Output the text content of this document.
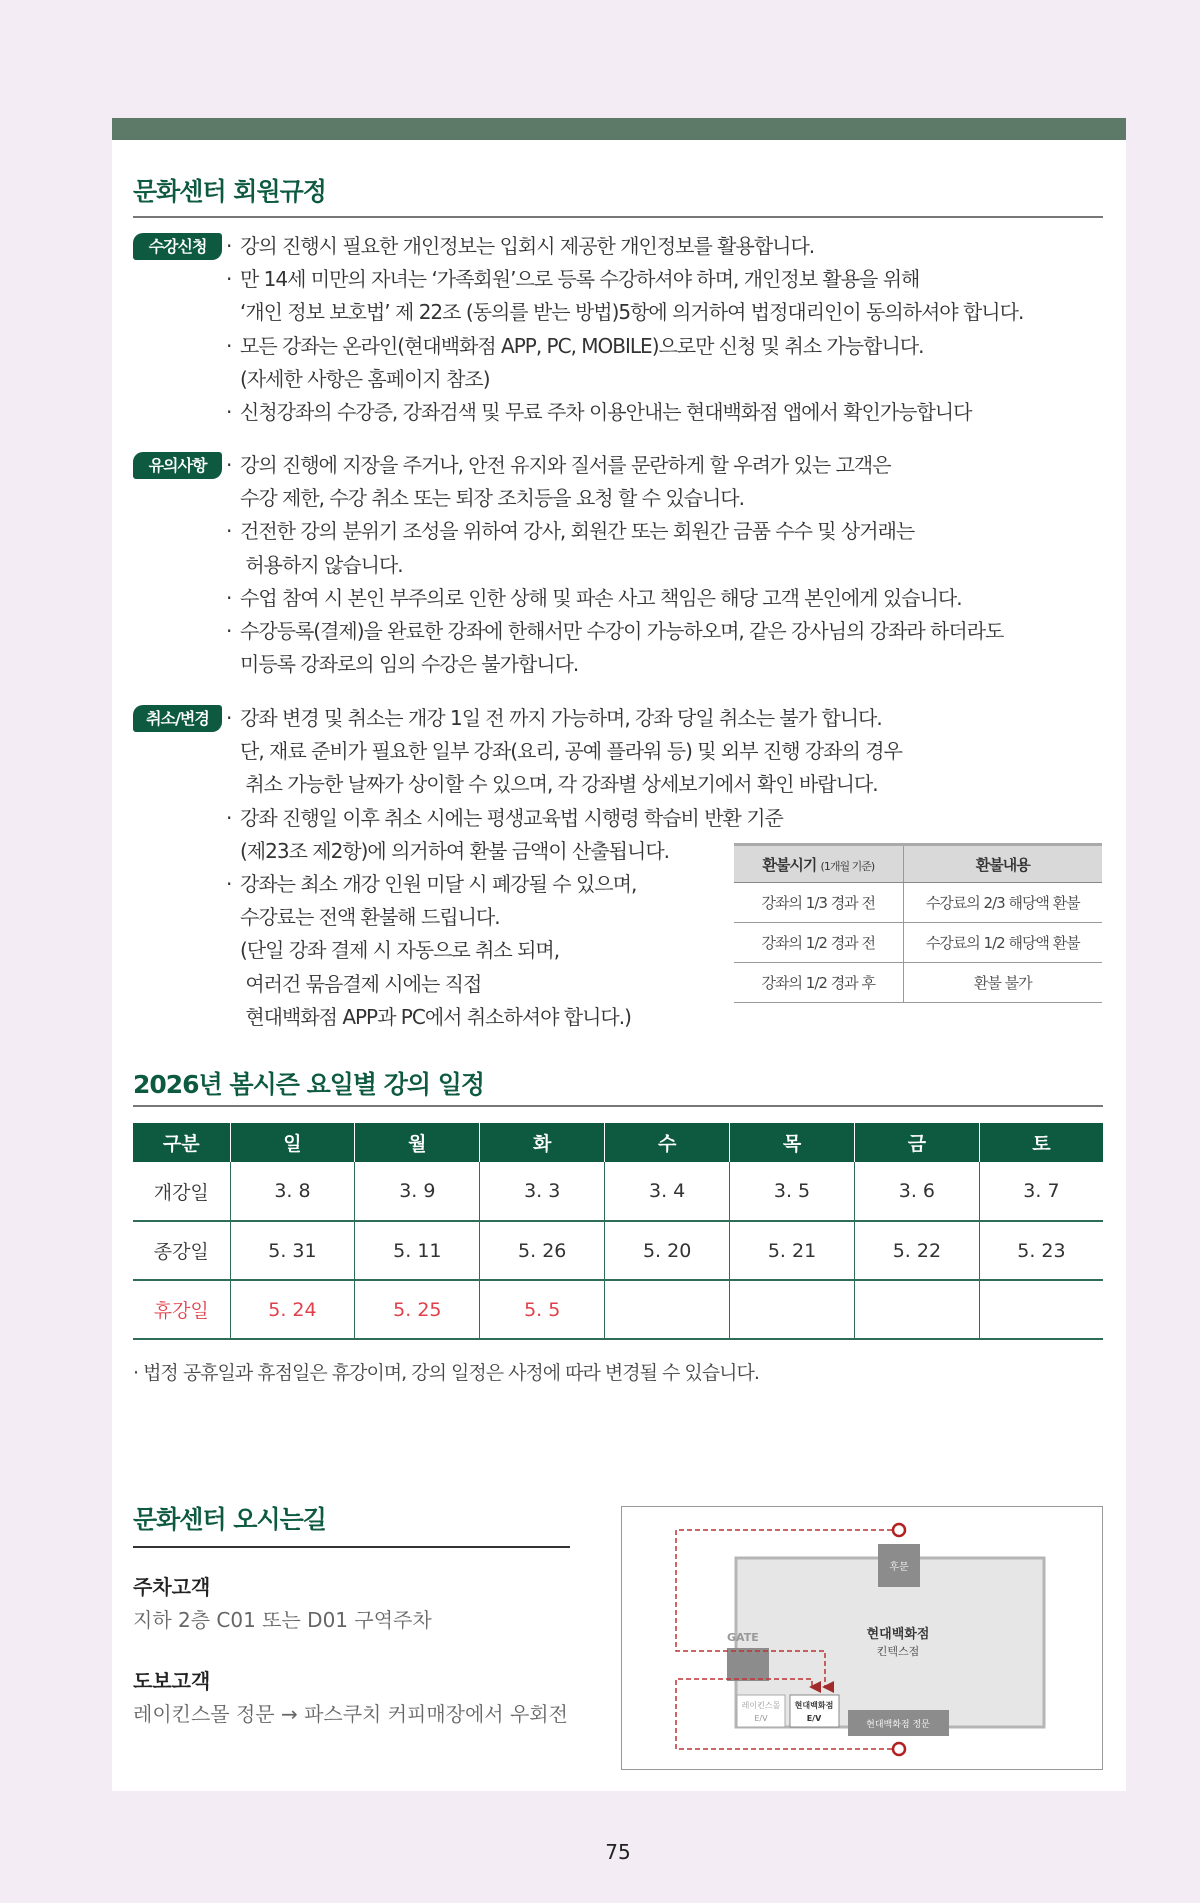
문화센터 회원규정
수강신청 · 강의 진행시 필요한 개인정보는 입회시 제공한 개인정보를 활용합니다.
· 만 14세 미만의 자녀는 ‘가족회원’으로 등록 수강하셔야 하며, 개인정보 활용을 위해
‘개인 정보 보호법’ 제 22조 (동의를 받는 방법)5항에 의거하여 법정대리인이 동의하셔야 합니다.
· 모든 강좌는 온라인(현대백화점 APP, PC, MOBILE)으로만 신청 및 취소 가능합니다.
(자세한 사항은 홈페이지 참조)
· 신청강좌의 수강증, 강좌검색 및 무료 주차 이용안내는 현대백화점 앱에서 확인가능합니다
유의사항 · 강의 진행에 지장을 주거나, 안전 유지와 질서를 문란하게 할 우려가 있는 고객은
수강 제한, 수강 취소 또는 퇴장 조치등을 요청 할 수 있습니다.
· 건전한 강의 분위기 조성을 위하여 강사, 회원간 또는 회원간 금품 수수 및 상거래는
허용하지 않습니다.
· 수업 참여 시 본인 부주의로 인한 상해 및 파손 사고 책임은 해당 고객 본인에게 있습니다.
· 수강등록(결제)을 완료한 강좌에 한해서만 수강이 가능하오며, 같은 강사님의 강좌라 하더라도
미등록 강좌로의 임의 수강은 불가합니다.
취소/변경 · 강좌 변경 및 취소는 개강 1일 전 까지 가능하며, 강좌 당일 취소는 불가 합니다.
단, 재료 준비가 필요한 일부 강좌(요리, 공예 플라워 등) 및 외부 진행 강좌의 경우
취소 가능한 날짜가 상이할 수 있으며, 각 강좌별 상세보기에서 확인 바랍니다.
· 강좌 진행일 이후 취소 시에는 평생교육법 시행령 학습비 반환 기준
(제23조 제2항)에 의거하여 환불 금액이 산출됩니다.
· 강좌는 최소 개강 인원 미달 시 폐강될 수 있으며,
수강료는 전액 환불해 드립니다.
(단일 강좌 결제 시 자동으로 취소 되며,
여러건 묶음결제 시에는 직접
현대백화점 APP과 PC에서 취소하셔야 합니다.)
환불시기 (1개월 기준)	환불내용
강좌의 1/3 경과 전	수강료의 2/3 해당액 환불
강좌의 1/2 경과 전	수강료의 1/2 해당액 환불
강좌의 1/2 경과 후	환불 불가
2026년 봄시즌 요일별 강의 일정
구분	일	월	화	수	목	금	토
개강일	3. 8	3. 9	3. 3	3. 4	3. 5	3. 6	3. 7
종강일	5. 31	5. 11	5. 26	5. 20	5. 21	5. 22	5. 23
휴강일	5. 24	5. 25	5. 5				
· 법정 공휴일과 휴점일은 휴강이며, 강의 일정은 사정에 따라 변경될 수 있습니다.
문화센터 오시는길
주차고객
지하 2층 C01 또는 D01 구역주차
도보고객
레이킨스몰 정문 → 파스쿠치 커피매장에서 우회전
후문
현대백화점
킨텍스점
GATE
레이킨스몰
E/V
현대백화점
E/V
현대백화점 정문
75
